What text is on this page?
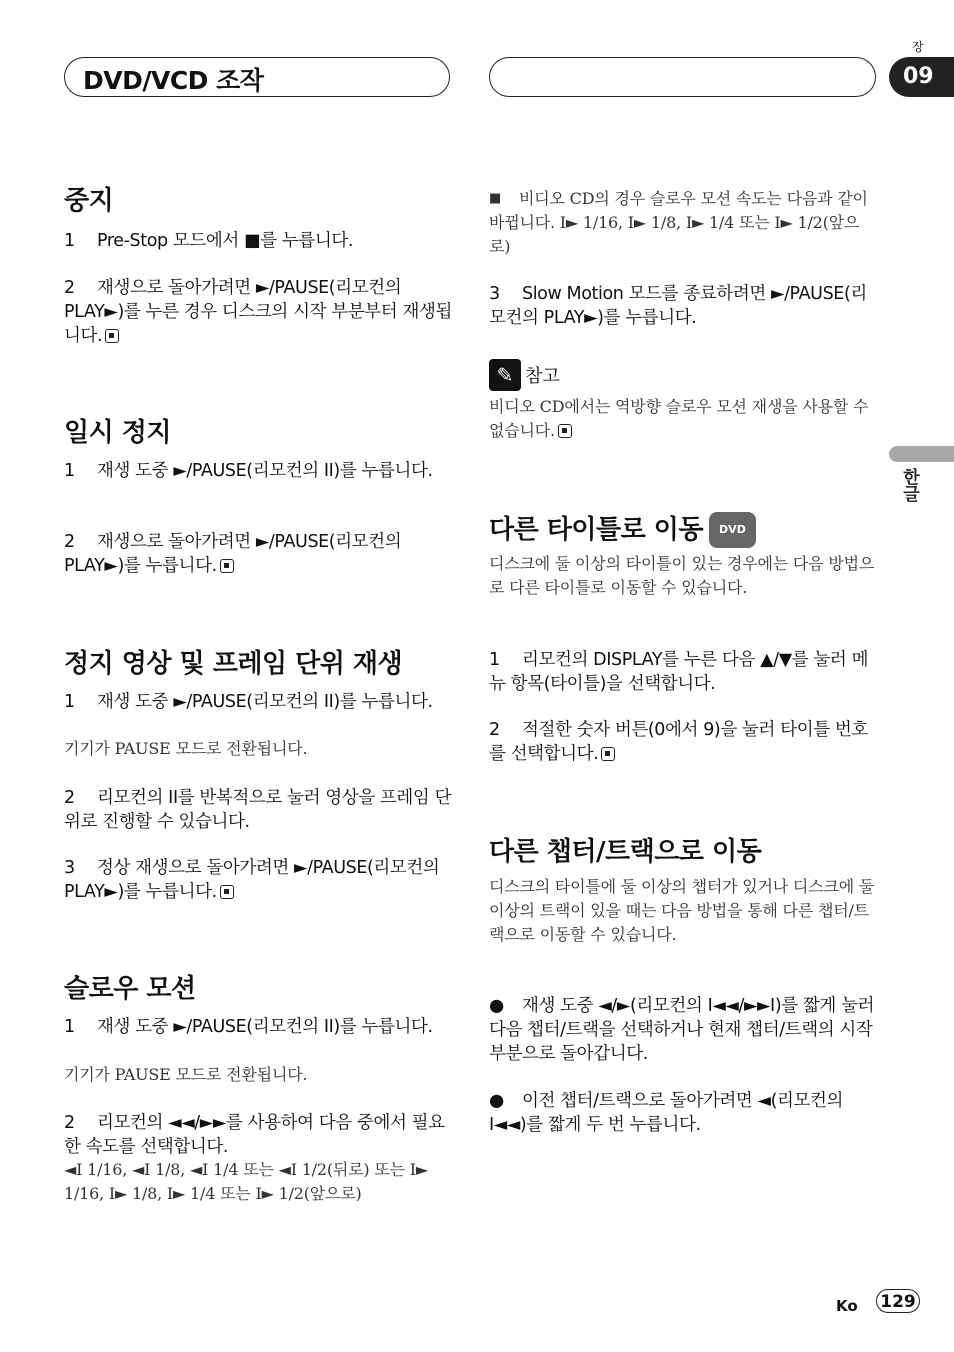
DVD/VCD 조작
장
09
한글
중지
1 Pre-Stop 모드에서 ■를 누릅니다.
2 재생으로 돌아가려면 ►/PAUSE(리모컨의 PLAY►)를 누른 경우 디스크의 시작 부분부터 재생됩니다.
일시 정지
1 재생 도중 ►/PAUSE(리모컨의 II)를 누릅니다.
2 재생으로 돌아가려면 ►/PAUSE(리모컨의 PLAY►)를 누릅니다.
정지 영상 및 프레임 단위 재생
1 재생 도중 ►/PAUSE(리모컨의 II)를 누릅니다.
기기가 PAUSE 모드로 전환됩니다.
2 리모컨의 II를 반복적으로 눌러 영상을 프레임 단위로 진행할 수 있습니다.
3 정상 재생으로 돌아가려면 ►/PAUSE(리모컨의 PLAY►)를 누릅니다.
슬로우 모션
1 재생 도중 ►/PAUSE(리모컨의 II)를 누릅니다.
기기가 PAUSE 모드로 전환됩니다.
2 리모컨의 ◄◄/►►를 사용하여 다음 중에서 필요한 속도를 선택합니다.
◄I 1/16, ◄I 1/8, ◄I 1/4 또는 ◄I 1/2(뒤로) 또는 I► 1/16, I► 1/8, I► 1/4 또는 I► 1/2(앞으로)
■ 비디오 CD의 경우 슬로우 모션 속도는 다음과 같이 바뀝니다. I► 1/16, I► 1/8, I► 1/4 또는 I► 1/2(앞으로)
3 Slow Motion 모드를 종료하려면 ►/PAUSE(리모컨의 PLAY►)를 누릅니다.
✎ 참고
비디오 CD에서는 역방향 슬로우 모션 재생을 사용할 수 없습니다.
다른 타이틀로 이동 DVD
디스크에 둘 이상의 타이틀이 있는 경우에는 다음 방법으로 다른 타이틀로 이동할 수 있습니다.
1 리모컨의 DISPLAY를 누른 다음 ▲/▼를 눌러 메뉴 항목(타이틀)을 선택합니다.
2 적절한 숫자 버튼(0에서 9)을 눌러 타이틀 번호를 선택합니다.
다른 챕터/트랙으로 이동
디스크의 타이틀에 둘 이상의 챕터가 있거나 디스크에 둘 이상의 트랙이 있을 때는 다음 방법을 통해 다른 챕터/트랙으로 이동할 수 있습니다.
● 재생 도중 ◄/►(리모컨의 I◄◄/►►I)를 짧게 눌러 다음 챕터/트랙을 선택하거나 현재 챕터/트랙의 시작 부분으로 돌아갑니다.
● 이전 챕터/트랙으로 돌아가려면 ◄(리모컨의 I◄◄)를 짧게 두 번 누릅니다.
Ko 129
